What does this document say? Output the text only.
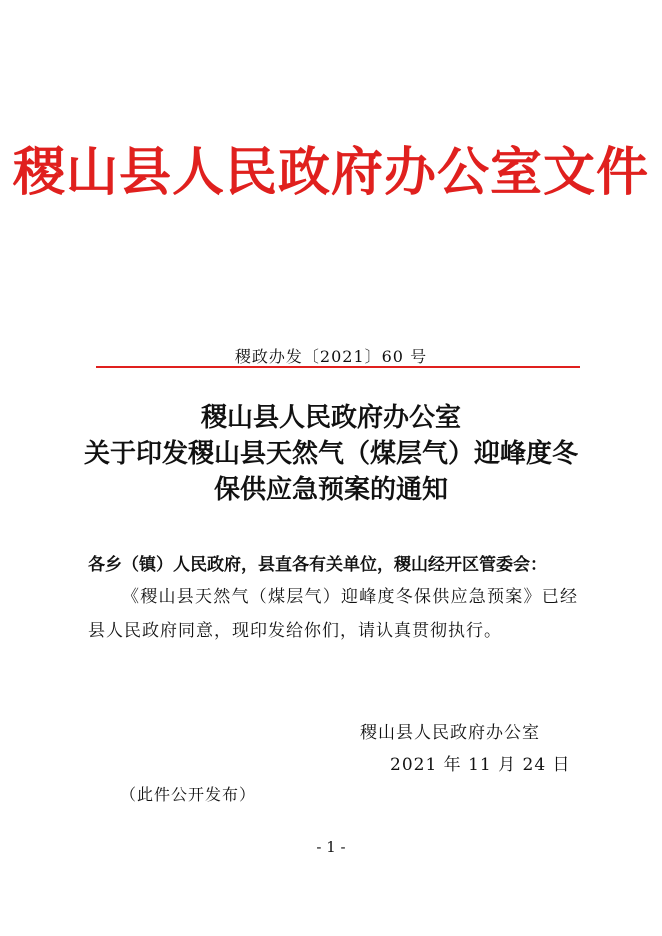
稷山县人民政府办公室文件
稷政办发〔2021〕60 号
稷山县人民政府办公室
关于印发稷山县天然气（煤层气）迎峰度冬
保供应急预案的通知
各乡（镇）人民政府，县直各有关单位，稷山经开区管委会：
《稷山县天然气（煤层气）迎峰度冬保供应急预案》已经县人民政府同意，现印发给你们，请认真贯彻执行。
稷山县人民政府办公室
2021 年 11 月 24 日
（此件公开发布）
- 1 -
